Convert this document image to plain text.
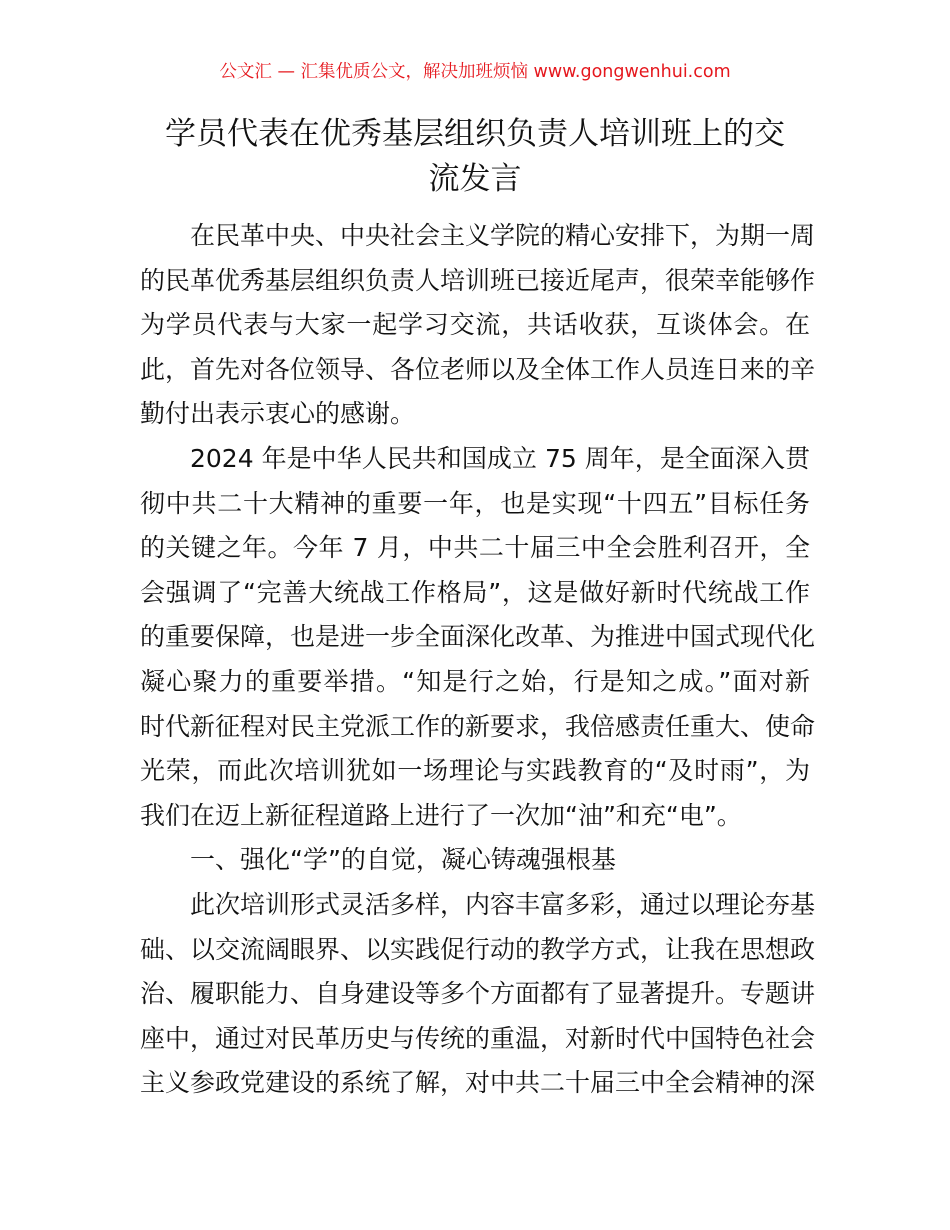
公文汇 — 汇集优质公文，解决加班烦恼 www.gongwenhui.com
学员代表在优秀基层组织负责人培训班上的交
流发言
在民革中央、中央社会主义学院的精心安排下，为期一周
的民革优秀基层组织负责人培训班已接近尾声，很荣幸能够作
为学员代表与大家一起学习交流，共话收获，互谈体会。在
此，首先对各位领导、各位老师以及全体工作人员连日来的辛
勤付出表示衷心的感谢。
2024 年是中华人民共和国成立 75 周年，是全面深入贯
彻中共二十大精神的重要一年，也是实现“十四五”目标任务
的关键之年。今年 7 月，中共二十届三中全会胜利召开，全
会强调了“完善大统战工作格局”，这是做好新时代统战工作
的重要保障，也是进一步全面深化改革、为推进中国式现代化
凝心聚力的重要举措。“知是行之始，行是知之成。”面对新
时代新征程对民主党派工作的新要求，我倍感责任重大、使命
光荣，而此次培训犹如一场理论与实践教育的“及时雨”，为
我们在迈上新征程道路上进行了一次加“油”和充“电”。
一、强化“学”的自觉，凝心铸魂强根基
此次培训形式灵活多样，内容丰富多彩，通过以理论夯基
础、以交流阔眼界、以实践促行动的教学方式，让我在思想政
治、履职能力、自身建设等多个方面都有了显著提升。专题讲
座中，通过对民革历史与传统的重温，对新时代中国特色社会
主义参政党建设的系统了解，对中共二十届三中全会精神的深
